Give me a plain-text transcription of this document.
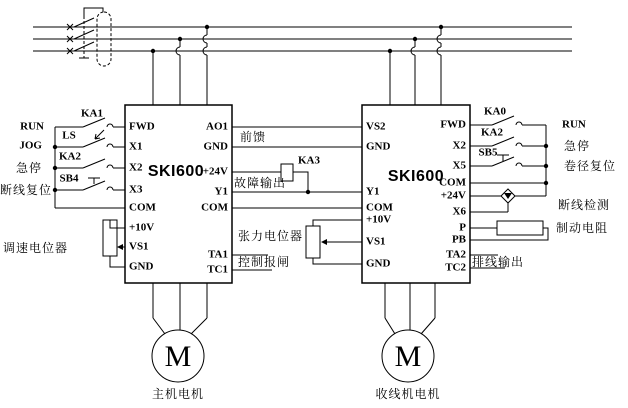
RUN
JOG
急停
断线复位
KA1
LS
KA2
SB4
调速电位器
FWD
X1
X2
X3
COM
+10V
VS1
GND
SKI600
AO1
GND
+24V
Y1
COM
TA1
TC1
前馈
KA3
故障输出
控制报闸
张力电位器
VS2
GND
Y1
COM
+10V
VS1
GND
SKI600
FWD
X2
X5
COM
+24V
X6
P
PB
TA2
TC2
KA0
KA2
SB5
RUN
急停
卷径复位
断线检测
制动电阻
排线输出
M
主机电机
M
收线机电机
